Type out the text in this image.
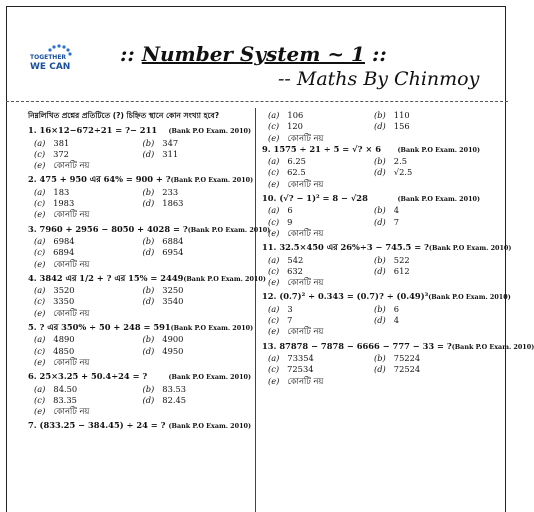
TOGETHER
WE CAN
:: Number System ~ 1 ::
-- Maths By Chinmoy
নিম্নলিখিত প্রশ্নের প্রতিটিতে (?) চিহ্নিত স্থানে কোন সংখ্যা হবে?
1. 16×12−672÷21 = ?− 211 (Bank P.O Exam. 2010)
(a) 381	(b) 347
(c) 372	(d) 311
(e) কোনটি নয়
2. 475 + 950 এর 64% = 900 + ? (Bank P.O Exam. 2010)
(a) 183	(b) 233
(c) 1983	(d) 1863
(e) কোনটি নয়
3. 7960 + 2956 − 8050 + 4028 = ? (Bank P.O Exam. 2010)
(a) 6984	(b) 6884
(c) 6894	(d) 6954
(e) কোনটি নয়
4. 3842 এর 1/2 + ? এর 15% = 2449 (Bank P.O Exam. 2010)
(a) 3520	(b) 3250
(c) 3350	(d) 3540
(e) কোনটি নয়
5. ? এর 350% ÷ 50 + 248 = 591 (Bank P.O Exam. 2010)
(a) 4890	(b) 4900
(c) 4850	(d) 4950
(e) কোনটি নয়
6. 25×3.25 + 50.4÷24 = ?	(Bank P.O Exam. 2010)
(a) 84.50	(b) 83.53
(c) 83.35	(d) 82.45
(e) কোনটি নয়
7. (833.25 − 384.45) ÷ 24 = ? (Bank P.O Exam. 2010)
(a) 106	(b) 110
(c) 120	(d) 156
(e) কোনটি নয়
9. 1575 ÷ 21 ÷ 5 = √? × 6	(Bank P.O Exam. 2010)
(a) 6.25	(b) 2.5
(c) 62.5	(d) √2.5
(e) কোনটি নয়
10. (√? − 1)² = 8 − √28	(Bank P.O Exam. 2010)
(a) 6	(b) 4
(c) 9	(d) 7
(e) কোনটি নয়
11. 32.5×450 এর 26%÷3 − 745.5 = ? (Bank P.O Exam. 2010)
(a) 542	(b) 522
(c) 632	(d) 612
(e) কোনটি নয়
12. (0.7)² ÷ 0.343 = (0.7)? ÷ (0.49)³ (Bank P.O Exam. 2010)
(a) 3	(b) 6
(c) 7	(d) 4
(e) কোনটি নয়
13. 87878 − 7878 − 6666 − 777 − 33 = ? (Bank P.O Exam. 2010)
(a) 73354	(b) 75224
(c) 72534	(d) 72524
(e) কোনটি নয়
